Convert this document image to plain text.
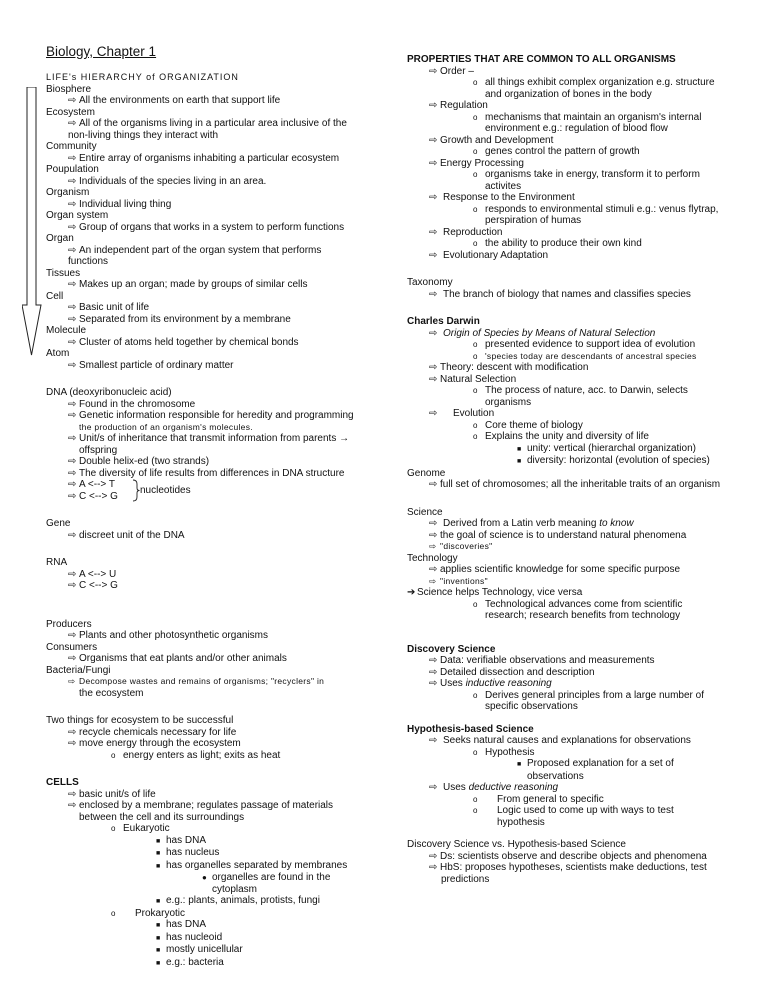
Biology, Chapter 1
LIFE's HIERARCHY of ORGANIZATION
Biosphere
⇨ All the environments on earth that support life
Ecosystem
⇨ All of the organisms living in a particular area inclusive of the non-living things they interact with
Community
⇨ Entire array of organisms inhabiting a particular ecosystem
Poupulation
⇨ Individuals of the species living in an area.
Organism
⇨ Individual living thing
Organ system
⇨ Group of organs that works in a system to perform functions
Organ
⇨ An independent part of the organ system that performs functions
Tissues
⇨ Makes up an organ; made by groups of similar cells
Cell
⇨ Basic unit of life
⇨ Separated from its environment by a membrane
Molecule
⇨ Cluster of atoms held together by chemical bonds
Atom
⇨ Smallest particle of ordinary matter
DNA (deoxyribonucleic acid)
⇨ Found in the chromosome
⇨ Genetic information responsible for heredity and programming
the production of an organism's molecules.
⇨ Unit/s of inheritance that transmit information from parents →
offspring
⇨ Double helix-ed (two strands)
⇨ The diversity of life results from differences in DNA structure
⇨ A <--> T
⇨ C <--> G	nucleotides
Gene
⇨ discreet unit of the DNA
RNA
⇨ A <--> U
⇨ C <--> G
Producers
⇨ Plants and other photosynthetic organisms
Consumers
⇨ Organisms that eat plants and/or other animals
Bacteria/Fungi
⇨ Decompose wastes and remains of organisms; "recyclers" in
the ecosystem
Two things for ecosystem to be successful
⇨ recycle chemicals necessary for life
⇨ move energy through the ecosystem
o energy enters as light; exits as heat
CELLS
⇨ basic unit/s of life
⇨ enclosed by a membrane; regulates passage of materials
between the cell and its surroundings
o Eukaryotic
■ has DNA
■ has nucleus
■ has organelles separated by membranes
● organelles are found in the
cytoplasm
■ e.g.: plants, animals, protists, fungi
o Prokaryotic
■ has DNA
■ has nucleoid
■ mostly unicellular
■ e.g.: bacteria
PROPERTIES THAT ARE COMMON TO ALL ORGANISMS
⇨ Order –
o all things exhibit complex organization e.g. structure
and organization of bones in the body
⇨ Regulation
o mechanisms that maintain an organism's internal
environment e.g.: regulation of blood flow
⇨ Growth and Development
o genes control the pattern of growth
⇨ Energy Processing
o organisms take in energy, transform it to perform
activites
⇨ Response to the Environment
o responds to environmental stimuli e.g.: venus flytrap,
perspiration of humas
⇨ Reproduction
o the ability to produce their own kind
⇨ Evolutionary Adaptation
Taxonomy
⇨ The branch of biology that names and classifies species
Charles Darwin
⇨ Origin of Species by Means of Natural Selection
o presented evidence to support idea of evolution
o 'species today are descendants of ancestral species
⇨ Theory: descent with modification
⇨ Natural Selection
o The process of nature, acc. to Darwin, selects
organisms
⇨ Evolution
o Core theme of biology
o Explains the unity and diversity of life
■ unity: vertical (hierarchal organization)
■ diversity: horizontal (evolution of species)
Genome
⇨ full set of chromosomes; all the inheritable traits of an organism
Science
⇨ Derived from a Latin verb meaning to know
⇨ the goal of science is to understand natural phenomena
⇨ "discoveries"
Technology
⇨ applies scientific knowledge for some specific purpose
⇨ "inventions"
➔ Science helps Technology, vice versa
o Technological advances come from scientific
research; research benefits from technology
Discovery Science
⇨ Data: verifiable observations and measurements
⇨ Detailed dissection and description
⇨ Uses inductive reasoning
o Derives general principles from a large number of
specific observations
Hypothesis-based Science
⇨ Seeks natural causes and explanations for observations
o Hypothesis
■ Proposed explanation for a set of
observations
⇨ Uses deductive reasoning
o From general to specific
o Logic used to come up with ways to test
hypothesis
Discovery Science vs. Hypothesis-based Science
⇨ Ds: scientists observe and describe objects and phenomena
⇨ HbS: proposes hypotheses, scientists make deductions, test
predictions
